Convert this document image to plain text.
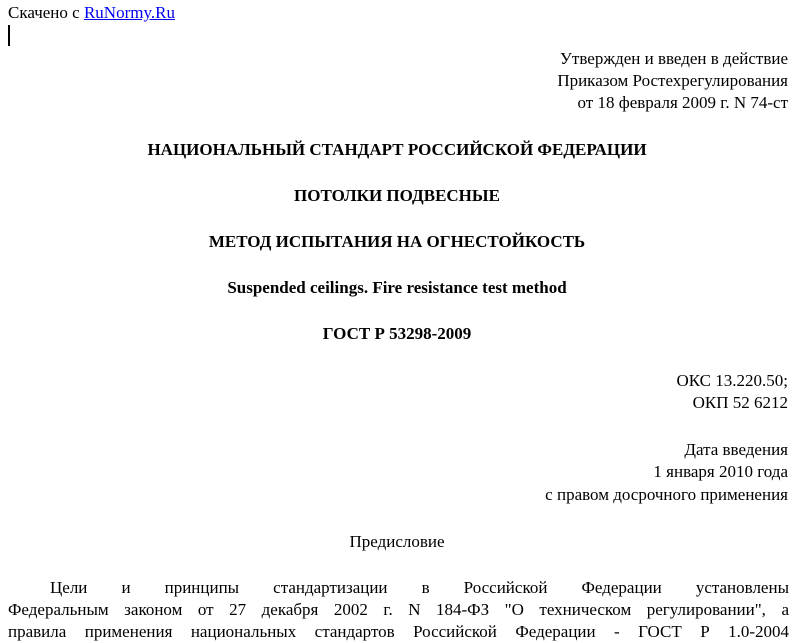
Скачено с RuNormy.Ru
Утвержден и введен в действие
Приказом Ростехрегулирования
от 18 февраля 2009 г. N 74-ст
НАЦИОНАЛЬНЫЙ СТАНДАРТ РОССИЙСКОЙ ФЕДЕРАЦИИ
ПОТОЛКИ ПОДВЕСНЫЕ
МЕТОД ИСПЫТАНИЯ НА ОГНЕСТОЙКОСТЬ
Suspended ceilings. Fire resistance test method
ГОСТ Р 53298-2009
ОКС 13.220.50;
ОКП 52 6212
Дата введения
1 января 2010 года
с правом досрочного применения
Предисловие
Цели и принципы стандартизации в Российской Федерации установлены
Федеральным законом от 27 декабря 2002 г. N 184-ФЗ "О техническом регулировании", а
правила применения национальных стандартов Российской Федерации - ГОСТ Р 1.0-2004
